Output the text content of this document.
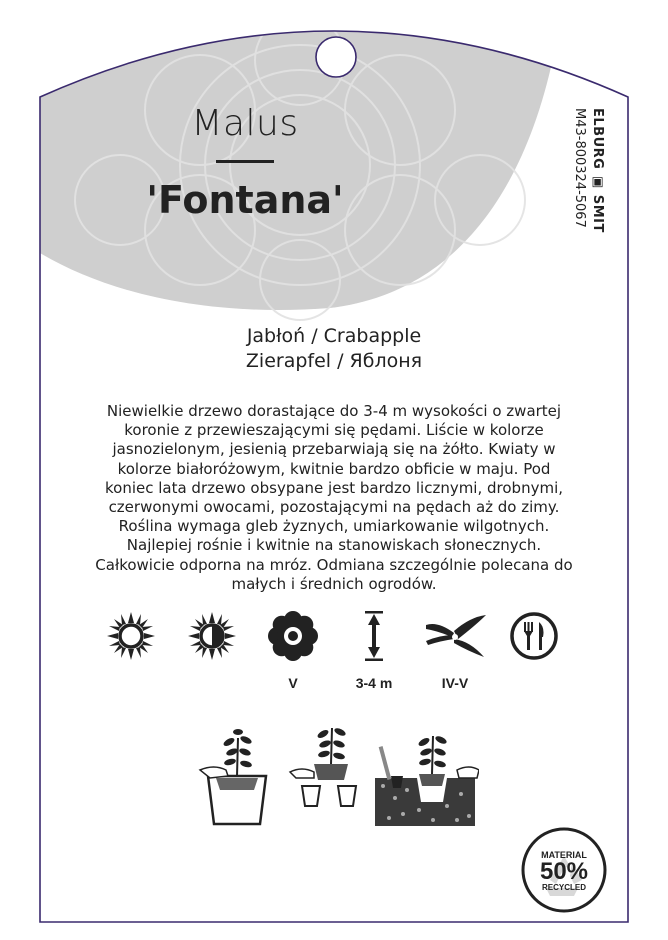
Malus
'Fontana'	ELBURG ▣ SMIT
M43-800324-5067
Jabłoń / Crabapple
Zierapfel / Яблоня
Niewielkie drzewo dorastające do 3-4 m wysokości o zwartej
koronie z przewieszającymi się pędami. Liście w kolorze
jasnozielonym, jesienią przebarwiają się na żółto. Kwiaty w
kolorze białoróżowym, kwitnie bardzo obficie w maju. Pod
koniec lata drzewo obsypane jest bardzo licznymi, drobnymi,
czerwonymi owocami, pozostającymi na pędach aż do zimy.
Roślina wymaga gleb żyznych, umiarkowanie wilgotnych.
Najlepiej rośnie i kwitnie na stanowiskach słonecznych.
Całkowicie odporna na mróz. Odmiana szczególnie polecana do
małych i średnich ogrodów.
V	3-4 m	IV-V
MATERIAL
50%
RECYCLED
